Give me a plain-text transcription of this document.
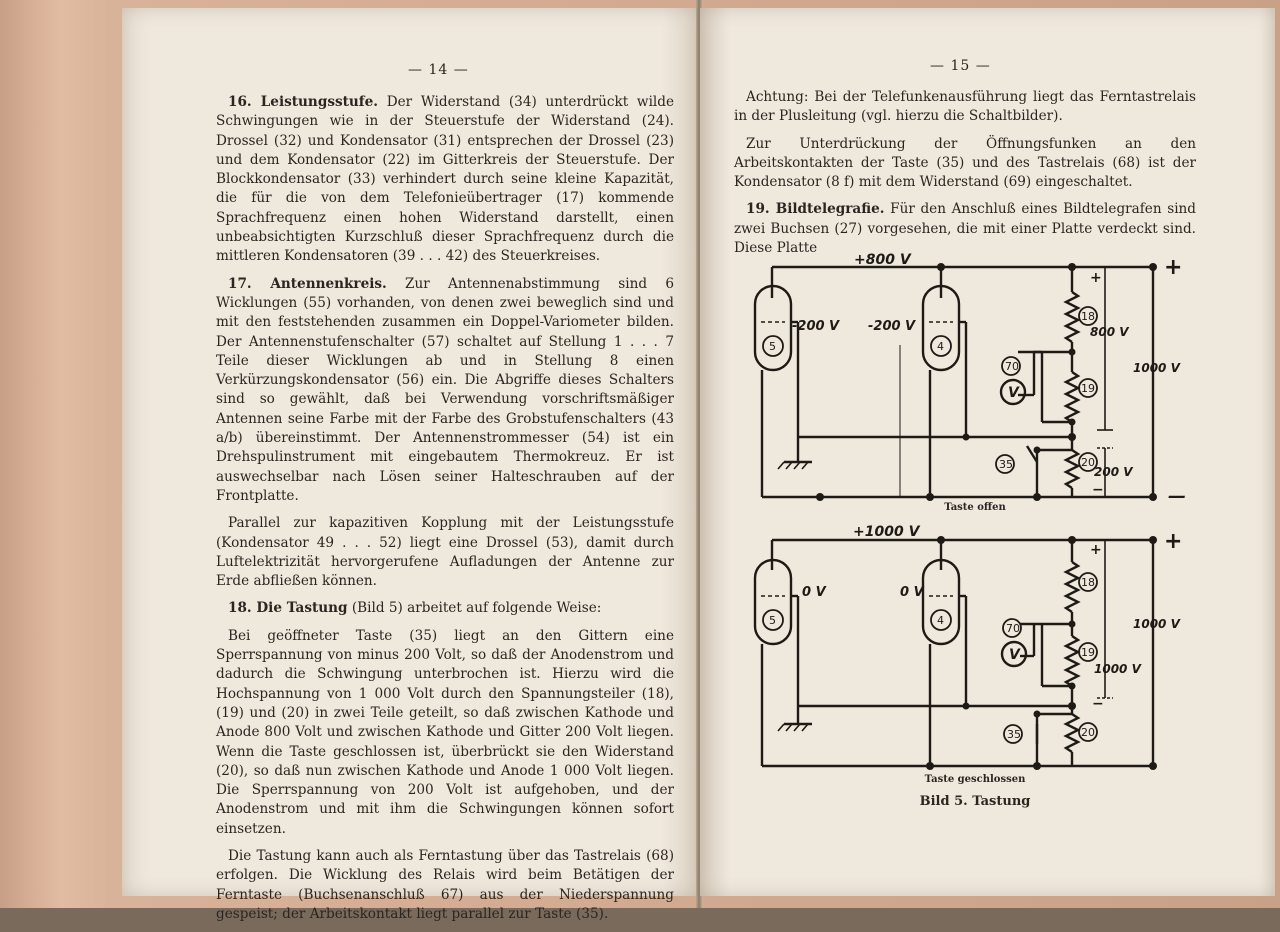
— 14 —

16. Leistungsstufe. Der Widerstand (34) unterdrückt wilde Schwingungen wie in der Steuerstufe der Widerstand (24). Drossel (32) und Kondensator (31) entsprechen der Drossel (23) und dem Kondensator (22) im Gitterkreis der Steuerstufe. Der Blockkondensator (33) verhindert durch seine kleine Kapazität, die für die von dem Telefonieübertrager (17) kommende Sprachfrequenz einen hohen Widerstand darstellt, einen unbeabsichtigten Kurzschluß dieser Sprachfrequenz durch die mittleren Kondensatoren (39 . . . 42) des Steuerkreises.

17. Antennenkreis. Zur Antennenabstimmung sind 6 Wicklungen (55) vorhanden, von denen zwei beweglich sind und mit den feststehenden zusammen ein Doppel-Variometer bilden. Der Antennenstufenschalter (57) schaltet auf Stellung 1 . . . 7 Teile dieser Wicklungen ab und in Stellung 8 einen Verkürzungskondensator (56) ein. Die Abgriffe dieses Schalters sind so gewählt, daß bei Verwendung vorschriftsmäßiger Antennen seine Farbe mit der Farbe des Grobstufenschalters (43 a/b) übereinstimmt. Der Antennenstrommesser (54) ist ein Drehspulinstrument mit eingebautem Thermokreuz. Er ist auswechselbar nach Lösen seiner Halteschrauben auf der Frontplatte.

Parallel zur kapazitiven Kopplung mit der Leistungsstufe (Kondensator 49 . . . 52) liegt eine Drossel (53), damit durch Luftelektrizität hervorgerufene Aufladungen der Antenne zur Erde abfließen können.

18. Die Tastung (Bild 5) arbeitet auf folgende Weise:

Bei geöffneter Taste (35) liegt an den Gittern eine Sperrspannung von minus 200 Volt, so daß der Anodenstrom und dadurch die Schwingung unterbrochen ist. Hierzu wird die Hochspannung von 1 000 Volt durch den Spannungsteiler (18), (19) und (20) in zwei Teile geteilt, so daß zwischen Kathode und Anode 800 Volt und zwischen Kathode und Gitter 200 Volt liegen. Wenn die Taste geschlossen ist, überbrückt sie den Widerstand (20), so daß nun zwischen Kathode und Anode 1 000 Volt liegen. Die Sperrspannung von 200 Volt ist aufgehoben, und der Anodenstrom und mit ihm die Schwingungen können sofort einsetzen.

Die Tastung kann auch als Ferntastung über das Tastrelais (68) erfolgen. Die Wicklung des Relais wird beim Betätigen der Ferntaste (Buchsenanschluß 67) aus der Niederspannung gespeist; der Arbeitskontakt liegt parallel zur Taste (35).

— 15 —

Achtung: Bei der Telefunkenausführung liegt das Ferntastrelais in der Plusleitung (vgl. hierzu die Schaltbilder).

Zur Unterdrückung der Öffnungsfunken an den Arbeitskontakten der Taste (35) und des Tastrelais (68) ist der Kondensator (8 f) mit dem Widerstand (69) eingeschaltet.

19. Bildtelegrafie. Für den Anschluß eines Bildtelegrafen sind zwei Buchsen (27) vorgesehen, die mit einer Platte verdeckt sind. Diese Platte

+800 V
-200 V -200 V
5	4
18
19
20
70
V
35
800 V
200 V
1000 V
+
—
+
−
Taste offen
+1000 V
0 V	0 V
5	4
18
19
20
70
V
35
1000 V
1000 V
+
+
−
Taste geschlossen
Bild 5. Tastung
